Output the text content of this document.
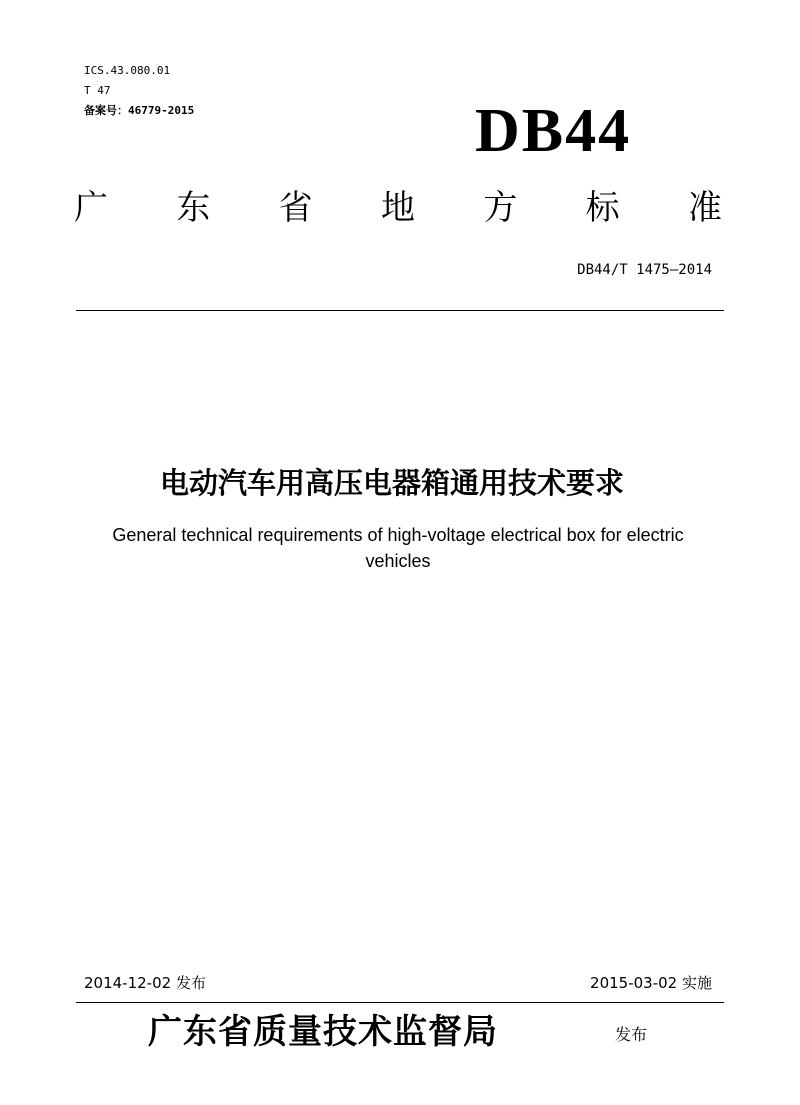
ICS.43.080.01
T 47
备案号：46779-2015	DB44
广 东 省 地 方 标 准
DB44/T 1475—2014
电动汽车用高压电器箱通用技术要求
General technical requirements of high-voltage electrical box for electric
vehicles
2014-12-02 发布	2015-03-02 实施
广东省质量技术监督局	发布
